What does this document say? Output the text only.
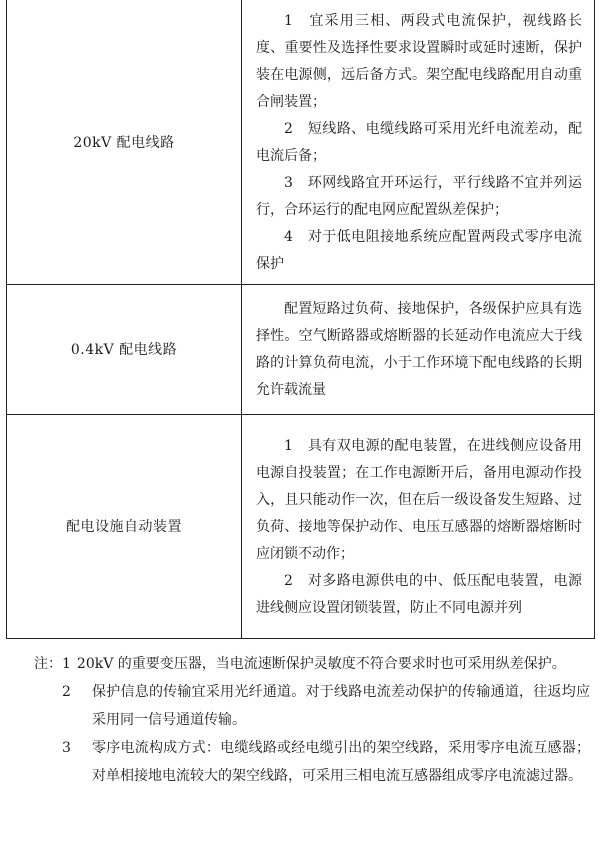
20kV 配电线路	1　宜采用三相、两段式电流保护，视线路长度、重要性及选择性要求设置瞬时或延时速断，保护装在电源侧，远后备方式。架空配电线路配用自动重合闸装置；

2　短线路、电缆线路可采用光纤电流差动，配电流后备；

3　环网线路宜开环运行，平行线路不宜并列运行，合环运行的配电网应配置纵差保护；

4　对于低电阻接地系统应配置两段式零序电流保护

0.4kV 配电线路	配置短路过负荷、接地保护，各级保护应具有选择性。空气断路器或熔断器的长延动作电流应大于线路的计算负荷电流，小于工作环境下配电线路的长期允许载流量

配电设施自动装置	1　具有双电源的配电装置，在进线侧应设备用电源自投装置；在工作电源断开后，备用电源动作投入，且只能动作一次，但在后一级设备发生短路、过负荷、接地等保护动作、电压互感器的熔断器熔断时应闭锁不动作；

2　对多路电源供电的中、低压配电装置，电源进线侧应设置闭锁装置，防止不同电源并列

注：1 20kV 的重要变压器，当电流速断保护灵敏度不符合要求时也可采用纵差保护。
2	保护信息的传输宜采用光纤通道。对于线路电流差动保护的传输通道，往返均应采用同一信号通道传输。
3	零序电流构成方式：电缆线路或经电缆引出的架空线路，采用零序电流互感器；对单相接地电流较大的架空线路，可采用三相电流互感器组成零序电流滤过器。
